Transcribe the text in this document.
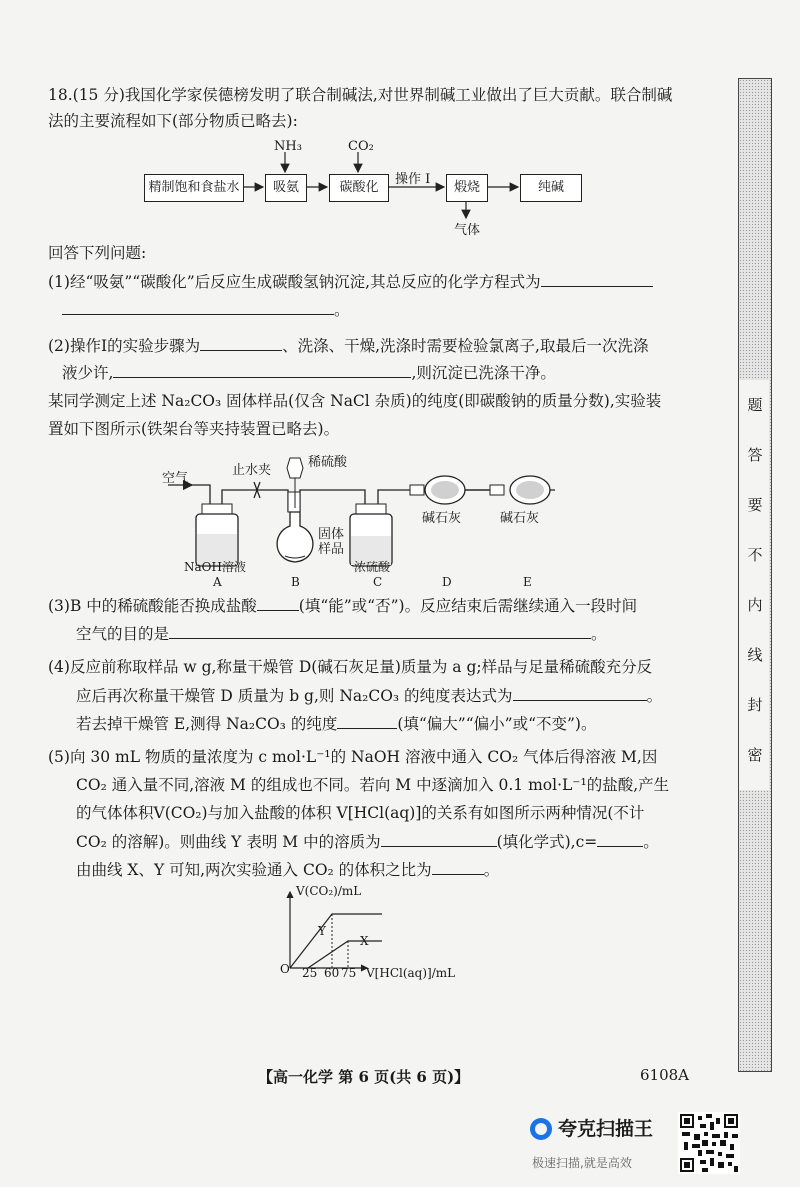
18.(15 分)我国化学家侯德榜发明了联合制碱法,对世界制碱工业做出了巨大贡献。联合制碱
法的主要流程如下(部分物质已略去):
精制饱和食盐水	吸氨	碳酸化	煅烧	纯碱
NH₃	CO₂
操作 I
气体
回答下列问题:
(1)经“吸氨”“碳酸化”后反应生成碳酸氢钠沉淀,其总反应的化学方程式为
。
(2)操作Ⅰ的实验步骤为	、洗涤、干燥,洗涤时需要检验氯离子,取最后一次洗涤
液少许,	,则沉淀已洗涤干净。
某同学测定上述 Na₂CO₃ 固体样品(仅含 NaCl 杂质)的纯度(即碳酸钠的质量分数),实验装
置如下图所示(铁架台等夹持装置已略去)。
空气
止水夹
稀硫酸
固体
样品
NaOH溶液	浓硫酸
碱石灰	碱石灰
A	B	C	D	E
(3)B 中的稀硫酸能否换成盐酸	(填“能”或“否”)。反应结束后需继续通入一段时间
空气的目的是	。
(4)反应前称取样品 w g,称量干燥管 D(碱石灰足量)质量为 a g;样品与足量稀硫酸充分反
应后再次称量干燥管 D 质量为 b g,则 Na₂CO₃ 的纯度表达式为	。
若去掉干燥管 E,测得 Na₂CO₃ 的纯度	(填“偏大”“偏小”或“不变”)。
(5)向 30 mL 物质的量浓度为 c mol·L⁻¹的 NaOH 溶液中通入 CO₂ 气体后得溶液 M,因
CO₂ 通入量不同,溶液 M 的组成也不同。若向 M 中逐滴加入 0.1 mol·L⁻¹的盐酸,产生
的气体体积V(CO₂)与加入盐酸的体积 V[HCl(aq)]的关系有如图所示两种情况(不计
CO₂ 的溶解)。则曲线 Y 表明 M 中的溶质为	(填化学式),c=	。
由曲线 X、Y 可知,两次实验通入 CO₂ 的体积之比为	。
V(CO₂)/mL
O 25 60 75 V[HCl(aq)]/mL
Y
X
题
答
要
不
内
线
封
密
【高一化学 第 6 页(共 6 页)】	6108A
夸克扫描王
极速扫描,就是高效
